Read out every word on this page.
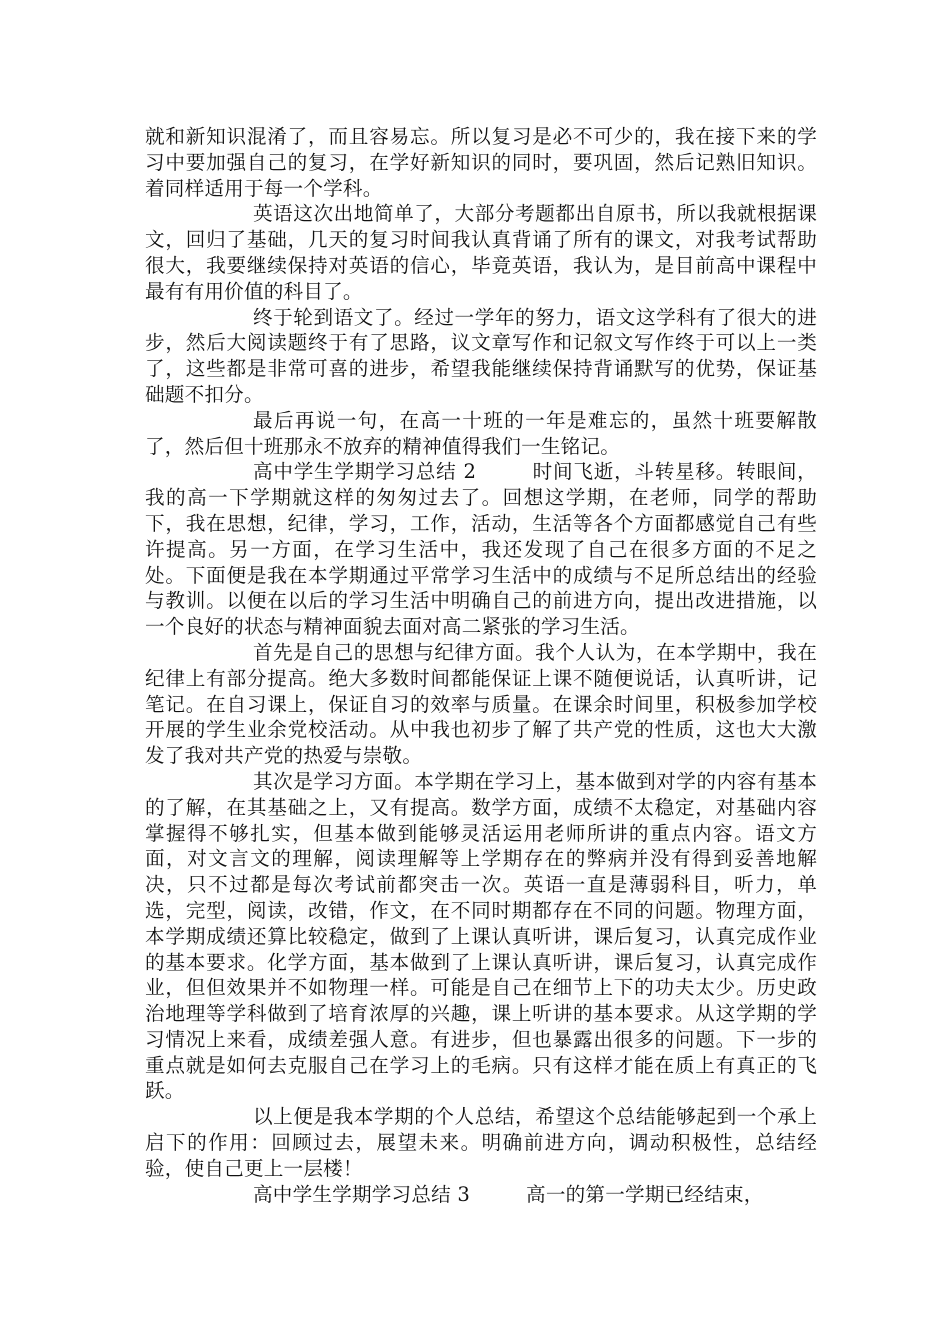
就和新知识混淆了，而且容易忘。所以复习是必不可少的，我在接下来的学习中要加强自己的复习，在学好新知识的同时，要巩固，然后记熟旧知识。着同样适用于每一个学科。

英语这次出地简单了，大部分考题都出自原书，所以我就根据课文，回归了基础，几天的复习时间我认真背诵了所有的课文，对我考试帮助很大，我要继续保持对英语的信心，毕竟英语，我认为，是目前高中课程中最有有用价值的科目了。

终于轮到语文了。经过一学年的努力，语文这学科有了很大的进步，然后大阅读题终于有了思路，议文章写作和记叙文写作终于可以上一类了，这些都是非常可喜的进步，希望我能继续保持背诵默写的优势，保证基础题不扣分。

最后再说一句，在高一十班的一年是难忘的，虽然十班要解散了，然后但十班那永不放弃的精神值得我们一生铭记。

高中学生学期学习总结 2	时间飞逝，斗转星移。转眼间，我的高一下学期就这样的匆匆过去了。回想这学期，在老师，同学的帮助下，我在思想，纪律，学习，工作，活动，生活等各个方面都感觉自己有些许提高。另一方面，在学习生活中，我还发现了自己在很多方面的不足之处。下面便是我在本学期通过平常学习生活中的成绩与不足所总结出的经验与教训。以便在以后的学习生活中明确自己的前进方向，提出改进措施，以一个良好的状态与精神面貌去面对高二紧张的学习生活。

首先是自己的思想与纪律方面。我个人认为，在本学期中，我在纪律上有部分提高。绝大多数时间都能保证上课不随便说话，认真听讲，记笔记。在自习课上，保证自习的效率与质量。在课余时间里，积极参加学校开展的学生业余党校活动。从中我也初步了解了共产党的性质，这也大大激发了我对共产党的热爱与崇敬。

其次是学习方面。本学期在学习上，基本做到对学的内容有基本的了解，在其基础之上，又有提高。数学方面，成绩不太稳定，对基础内容掌握得不够扎实，但基本做到能够灵活运用老师所讲的重点内容。语文方面，对文言文的理解，阅读理解等上学期存在的弊病并没有得到妥善地解决，只不过都是每次考试前都突击一次。英语一直是薄弱科目，听力，单选，完型，阅读，改错，作文，在不同时期都存在不同的问题。物理方面，本学期成绩还算比较稳定，做到了上课认真听讲，课后复习，认真完成作业的基本要求。化学方面，基本做到了上课认真听讲，课后复习，认真完成作业，但但效果并不如物理一样。可能是自己在细节上下的功夫太少。历史政治地理等学科做到了培育浓厚的兴趣，课上听讲的基本要求。从这学期的学习情况上来看，成绩差强人意。有进步，但也暴露出很多的问题。下一步的重点就是如何去克服自己在学习上的毛病。只有这样才能在质上有真正的飞跃。

以上便是我本学期的个人总结，希望这个总结能够起到一个承上启下的作用：回顾过去，展望未来。明确前进方向，调动积极性，总结经验，使自己更上一层楼！

高中学生学期学习总结 3	高一的第一学期已经结束，
